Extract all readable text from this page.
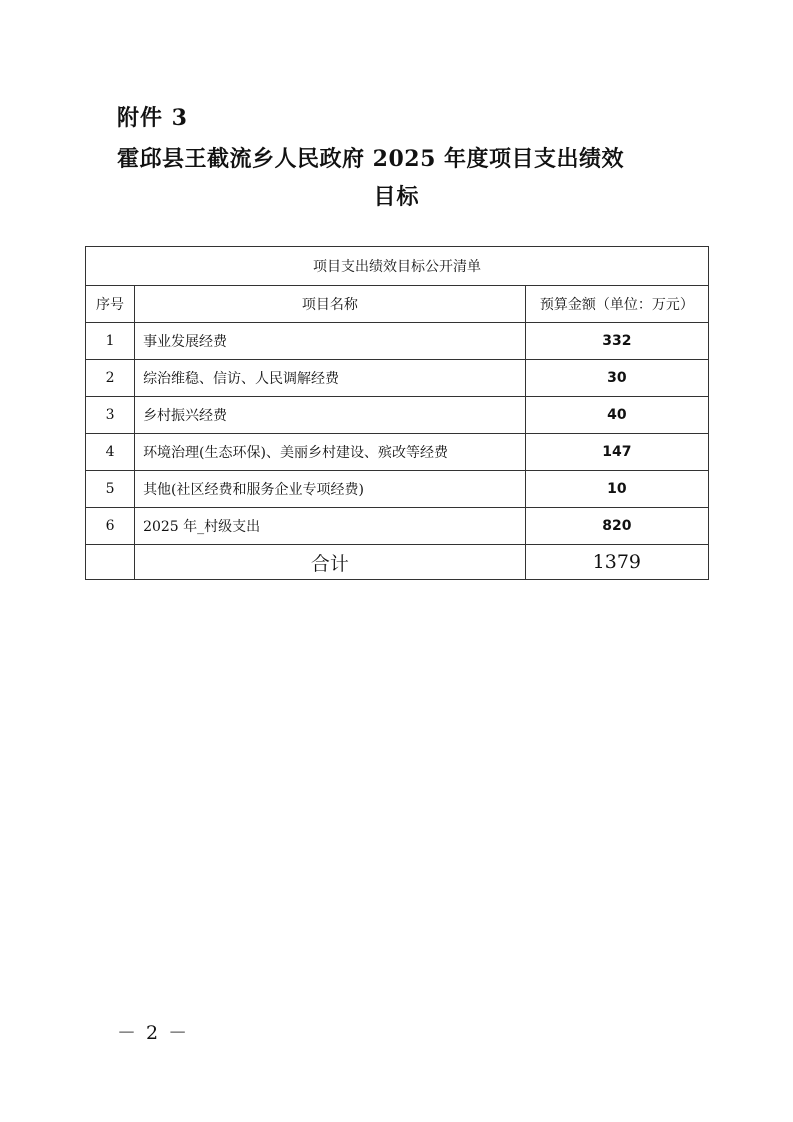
附件 3
霍邱县王截流乡人民政府 2025 年度项目支出绩效
目标
项目支出绩效目标公开清单		
序号	项目名称	预算金额（单位：万元）
1	事业发展经费	332
2	综治维稳、信访、人民调解经费	30
3	乡村振兴经费	40
4	环境治理(生态环保)、美丽乡村建设、殡改等经费	147
5	其他(社区经费和服务企业专项经费)	10
6	2025 年_村级支出	820
	合计	1379
－ 2 －
